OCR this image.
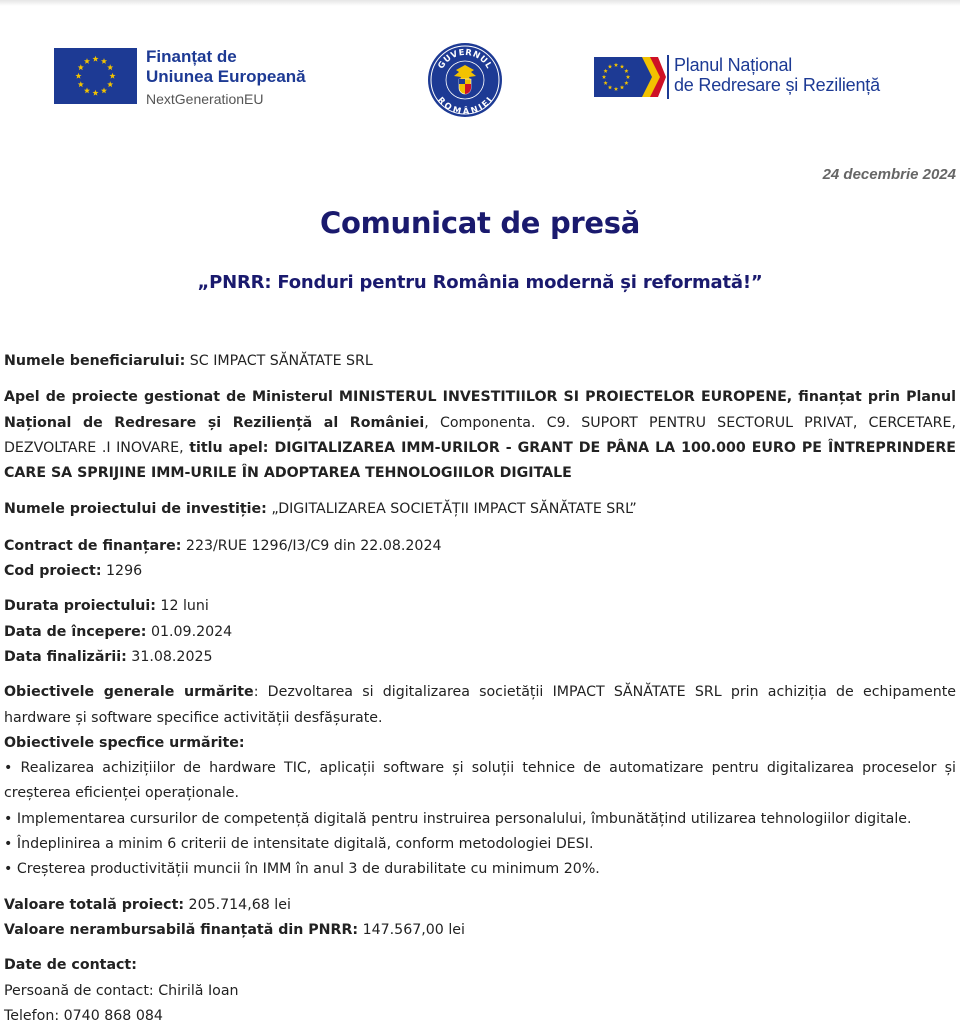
Finanțat de
Uniunea Europeană
NextGenerationEU
GUVERNUL
ROMÂNIEI
Planul Național
de Redresare și Reziliență
24 decembrie 2024
Comunicat de presă
„PNRR: Fonduri pentru România modernă și reformată!”

Numele beneficiarului: SC IMPACT SĂNĂTATE SRL

Apel de proiecte gestionat de Ministerul MINISTERUL INVESTITIILOR SI PROIECTELOR EUROPENE, finanțat prin Planul Național de Redresare și Reziliență al României, Componenta. C9. SUPORT PENTRU SECTORUL PRIVAT, CERCETARE, DEZVOLTARE .I INOVARE, titlu apel: DIGITALIZAREA IMM-URILOR - GRANT DE PÂNA LA 100.000 EURO PE ÎNTREPRINDERE CARE SA SPRIJINE IMM-URILE ÎN ADOPTAREA TEHNOLOGIILOR DIGITALE

Numele proiectului de investiție: „DIGITALIZAREA SOCIETĂȚII IMPACT SĂNĂTATE SRL”

Contract de finanțare: 223/RUE 1296/I3/C9 din 22.08.2024

Cod proiect: 1296

Durata proiectului: 12 luni

Data de începere: 01.09.2024

Data finalizării: 31.08.2025

Obiectivele generale urmărite: Dezvoltarea si digitalizarea societății IMPACT SĂNĂTATE SRL prin achiziția de echipamente hardware și software specifice activității desfășurate.

Obiectivele specfice urmărite:

• Realizarea achizițiilor de hardware TIC, aplicații software și soluții tehnice de automatizare pentru digitalizarea proceselor și creșterea eficienței operaționale.

• Implementarea cursurilor de competență digitală pentru instruirea personalului, îmbunătățind utilizarea tehnologiilor digitale.

• Îndeplinirea a minim 6 criterii de intensitate digitală, conform metodologiei DESI.

• Creșterea productivității muncii în IMM în anul 3 de durabilitate cu minimum 20%.

Valoare totală proiect: 205.714,68 lei

Valoare nerambursabilă finanțată din PNRR: 147.567,00 lei

Date de contact:

Persoană de contact: Chirilă Ioan

Telefon: 0740 868 084
